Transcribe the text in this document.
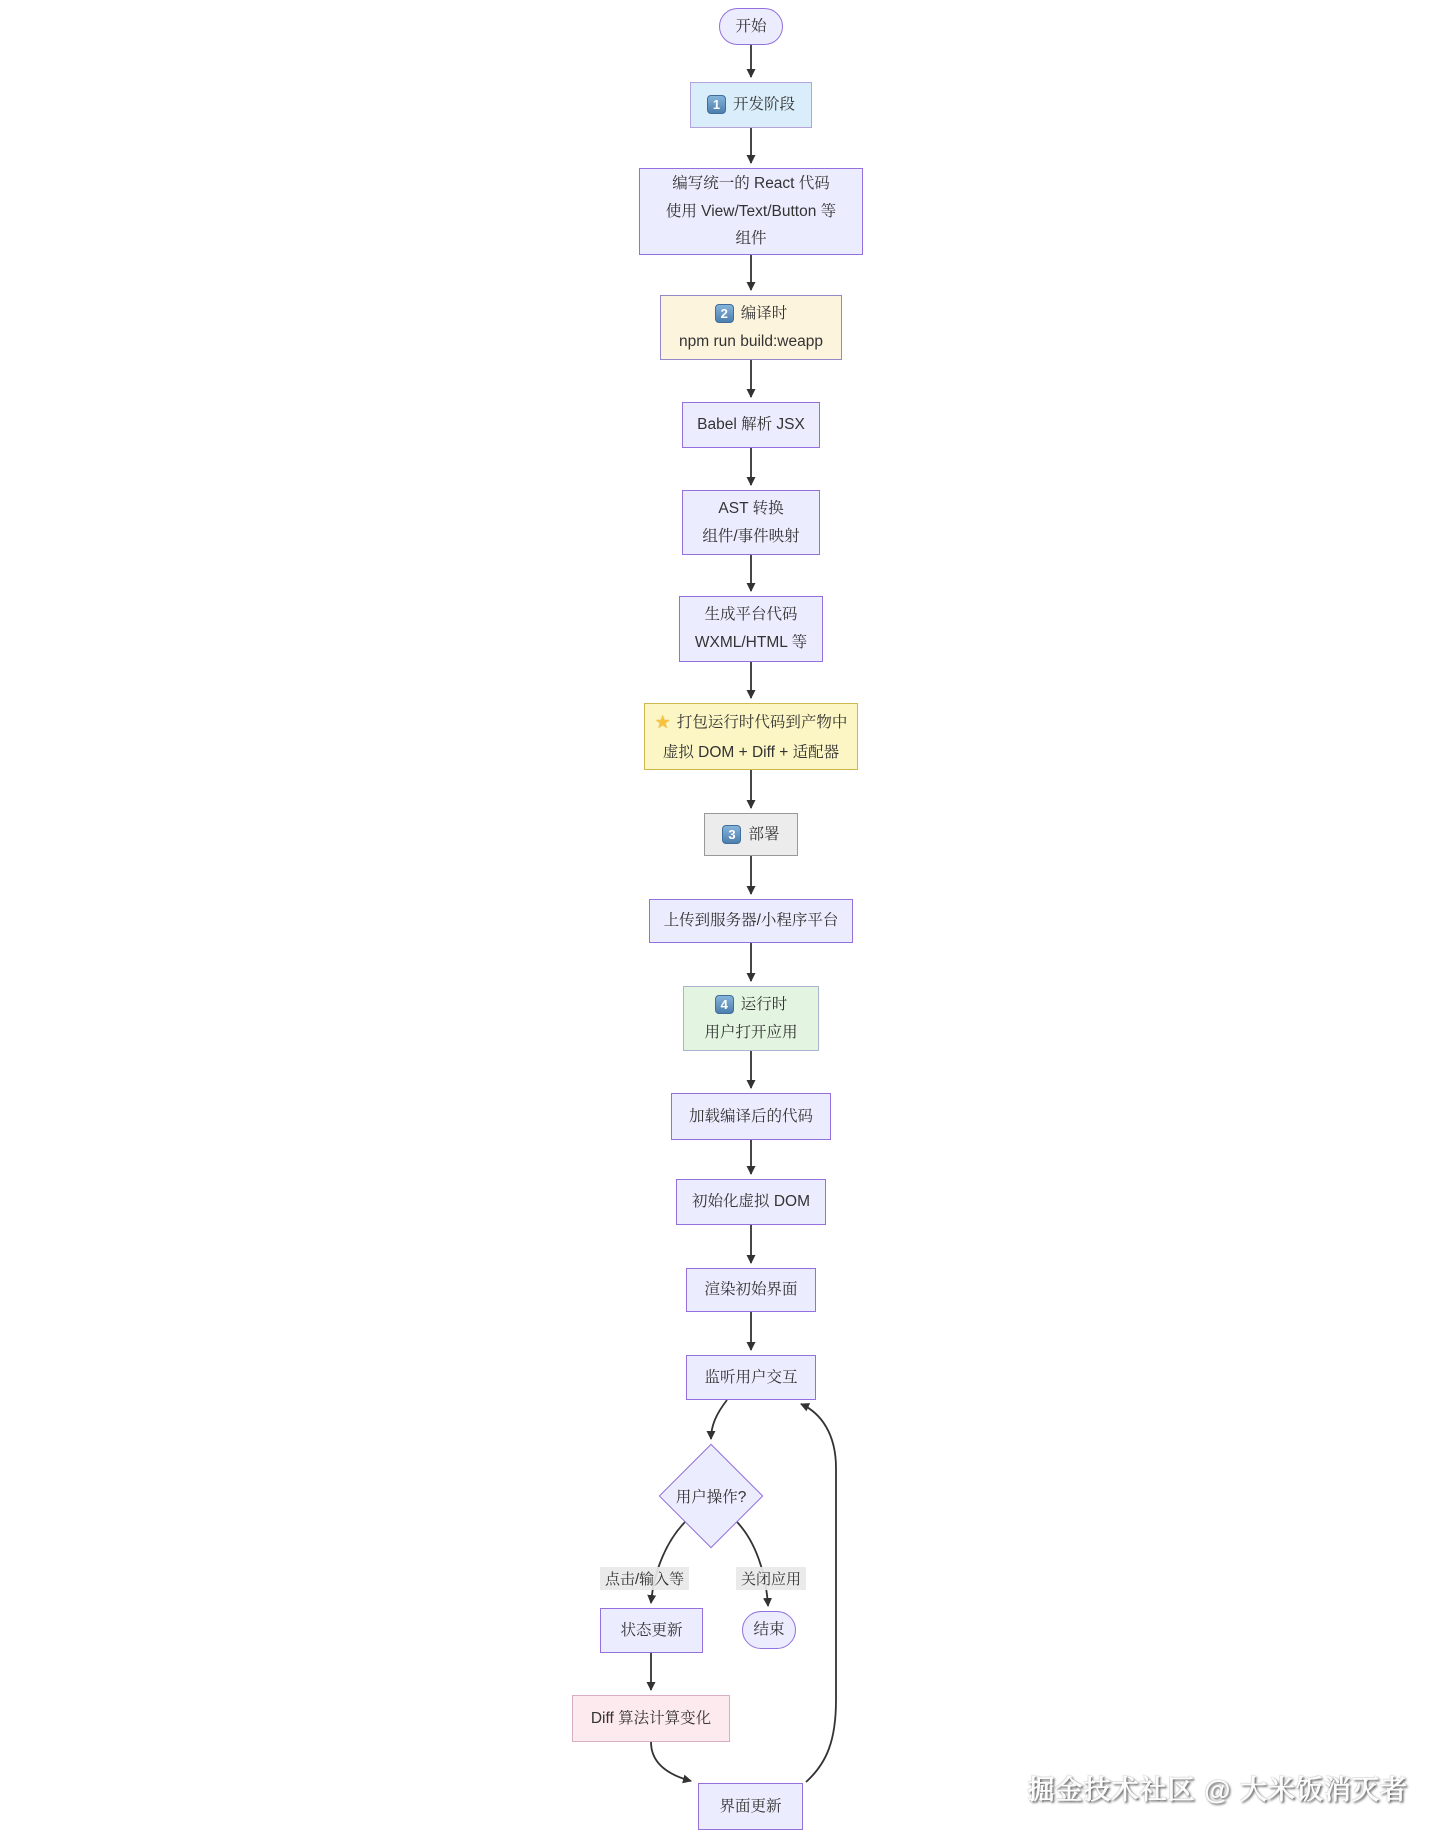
开始
1 开发阶段
编写统一的 React 代码
使用 View/Text/Button 等
组件
2 编译时
npm run build:weapp
Babel 解析 JSX
AST 转换
组件/事件映射
生成平台代码
WXML/HTML 等
★ 打包运行时代码到产物中
虚拟 DOM + Diff + 适配器
3 部署
上传到服务器/小程序平台
4 运行时
用户打开应用
加载编译后的代码
初始化虚拟 DOM
渲染初始界面
监听用户交互
用户操作?
点击/输入等	关闭应用
状态更新	结束
Diff 算法计算变化
界面更新
掘金技术社区 @ 大米饭消灭者
